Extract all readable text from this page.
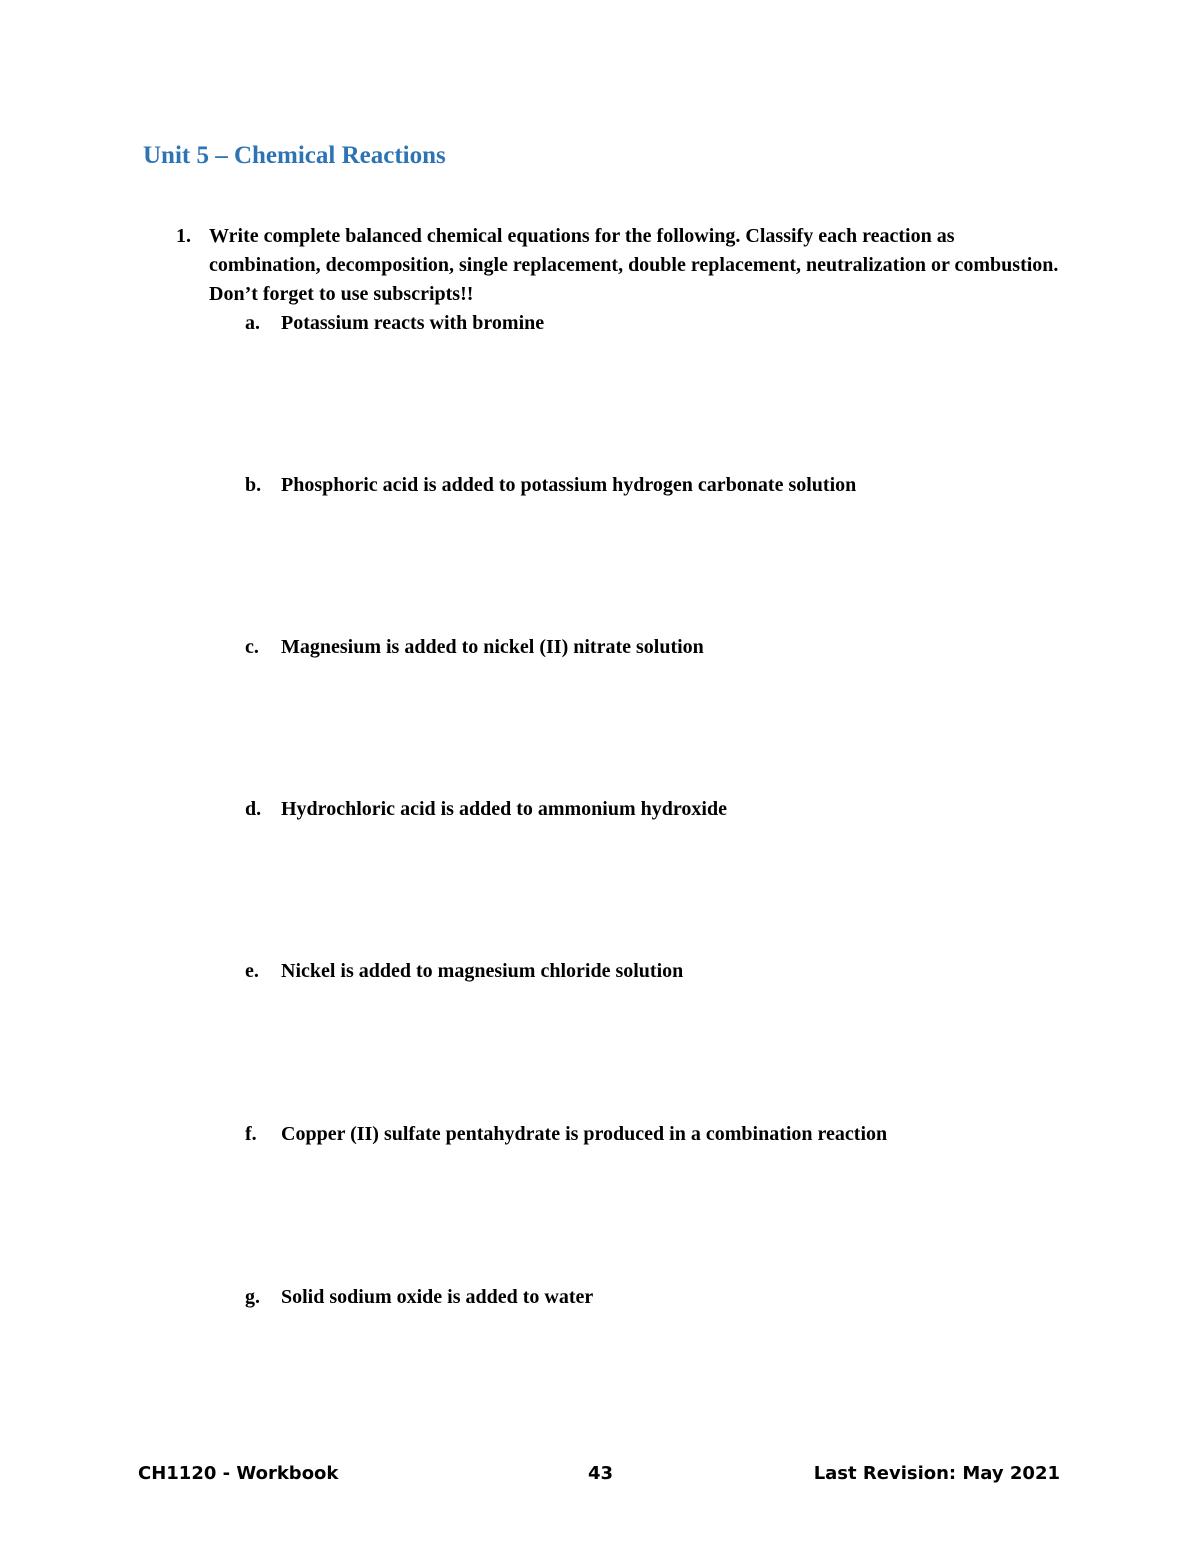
Unit 5 – Chemical Reactions
1. Write complete balanced chemical equations for the following. Classify each reaction as combination, decomposition, single replacement, double replacement, neutralization or combustion. Don’t forget to use subscripts!!
a. Potassium reacts with bromine
b. Phosphoric acid is added to potassium hydrogen carbonate solution
c. Magnesium is added to nickel (II) nitrate solution
d. Hydrochloric acid is added to ammonium hydroxide
e. Nickel is added to magnesium chloride solution
f. Copper (II) sulfate pentahydrate is produced in a combination reaction
g. Solid sodium oxide is added to water
CH1120 - Workbook	43	Last Revision: May 2021
